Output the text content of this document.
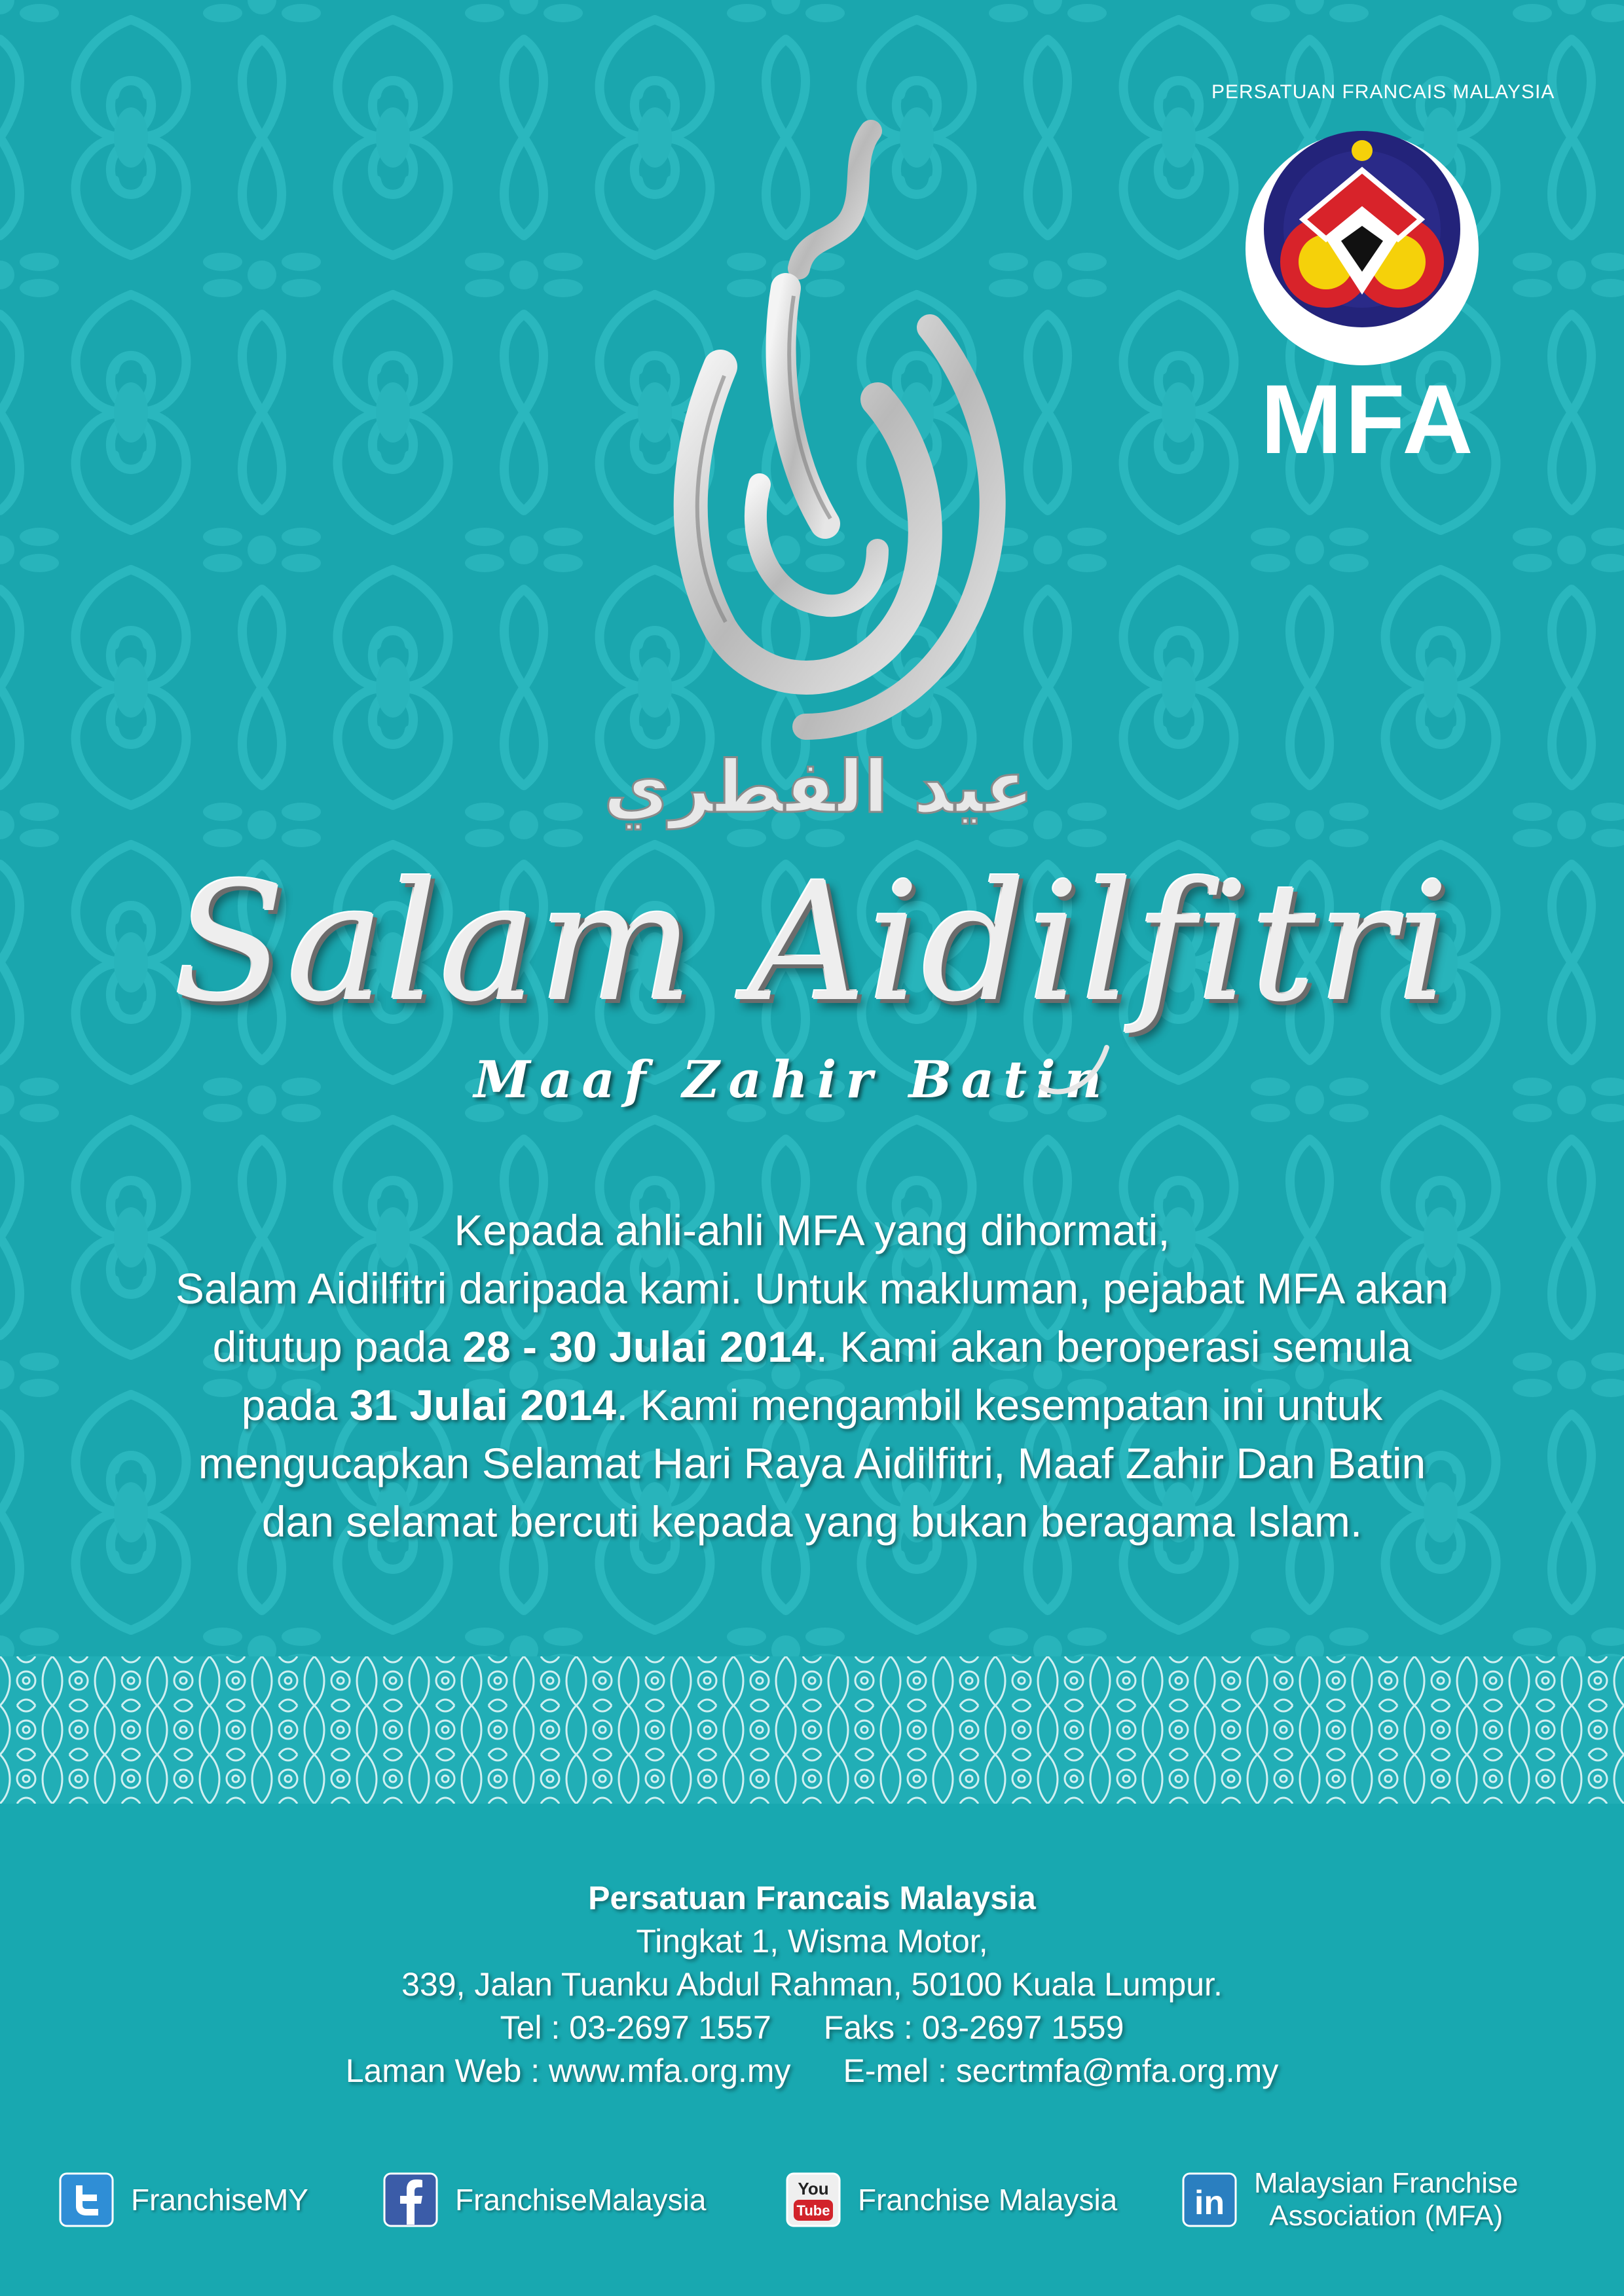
عيد الفطري
PERSATUAN FRANCAIS MALAYSIA
MFA
Salam Aidilfitri
Maaf Zahir Batin

Kepada ahli-ahli MFA yang dihormati,

Salam Aidilfitri daripada kami. Untuk makluman, pejabat MFA akan

ditutup pada 28 - 30 Julai 2014. Kami akan beroperasi semula

pada 31 Julai 2014. Kami mengambil kesempatan ini untuk

mengucapkan Selamat Hari Raya Aidilfitri, Maaf Zahir Dan Batin

dan selamat bercuti kepada yang bukan beragama Islam.

Persatuan Francais Malaysia
Tingkat 1, Wisma Motor,
339, Jalan Tuanku Abdul Rahman, 50100 Kuala Lumpur.
Tel : 03-2697 1557 Faks : 03-2697 1559
Laman Web : www.mfa.org.my E-mel : secrtmfa@mfa.org.my
FranchiseMY	FranchiseMalaysia	You
Tube Franchise Malaysia in
Malaysian Franchise
Association (MFA)
